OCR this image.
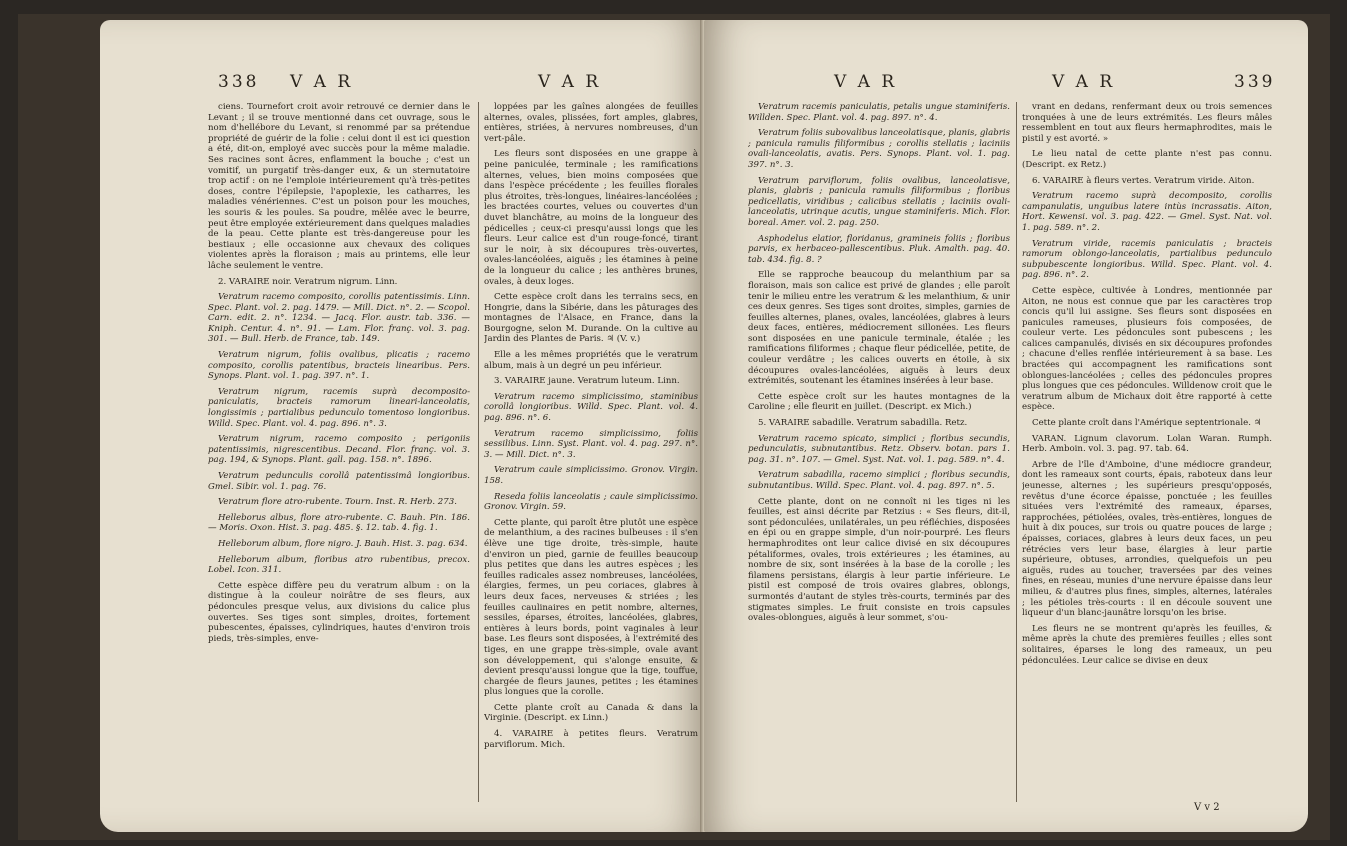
338 V A R	V A R

ciens. Tournefort croit avoir retrouvé ce dernier dans le Levant ; il se trouve mentionné dans cet ouvrage, sous le nom d'hellébore du Levant, si renommé par sa prétendue propriété de guérir de la folie : celui dont il est ici question a été, dit-on, employé avec succès pour la même maladie. Ses racines sont âcres, enflamment la bouche ; c'est un vomitif, un purgatif très-danger eux, & un sternutatoire trop actif : on ne l'emploie intérieurement qu'à très-petites doses, contre l'épilepsie, l'apoplexie, les catharres, les maladies vénériennes. C'est un poison pour les mouches, les souris & les poules. Sa poudre, mêlée avec le beurre, peut être employée extérieurement dans quelques maladies de la peau. Cette plante est très-dangereuse pour les bestiaux ; elle occasionne aux chevaux des coliques violentes après la floraison ; mais au printems, elle leur lâche seulement le ventre.

2. VARAIRE noir. Veratrum nigrum. Linn.

Veratrum racemo composito, corollis patentissimis. Linn. Spec. Plant. vol. 2. pag. 1479. — Mill. Dict. n°. 2. — Scopol. Carn. edit. 2. n°. 1234. — Jacq. Flor. austr. tab. 336. — Kniph. Centur. 4. n°. 91. — Lam. Flor. franç. vol. 3. pag. 301. — Bull. Herb. de France, tab. 149.

Veratrum nigrum, foliis ovalibus, plicatis ; racemo composito, corollis patentibus, bracteis linearibus. Pers. Synops. Plant. vol. 1. pag. 397. n°. 1.

Veratrum nigrum, racemis suprà decomposito-paniculatis, bracteis ramorum lineari-lanceolatis, longissimis ; partialibus pedunculo tomentoso longioribus. Willd. Spec. Plant. vol. 4. pag. 896. n°. 3.

Veratrum nigrum, racemo composito ; perigoniis patentissimis, nigrescentibus. Decand. Flor. franç. vol. 3. pag. 194, & Synops. Plant. gall. pag. 158. n°. 1896.

Veratrum pedunculis corollâ patentissimâ longioribus. Gmel. Sibir. vol. 1. pag. 76.

Veratrum flore atro-rubente. Tourn. Inst. R. Herb. 273.

Helleborus albus, flore atro-rubente. C. Bauh. Pin. 186. — Moris. Oxon. Hist. 3. pag. 485. §. 12. tab. 4. fig. 1.

Helleborum album, flore nigro. J. Bauh. Hist. 3. pag. 634.

Helleborum album, floribus atro rubentibus, precox. Lobel. Icon. 311.

Cette espèce diffère peu du veratrum album : on la distingue à la couleur noirâtre de ses fleurs, aux pédoncules presque velus, aux divisions du calice plus ouvertes. Ses tiges sont simples, droites, fortement pubescentes, épaisses, cylindriques, hautes d'environ trois pieds, très-simples, enve-

loppées par les gaînes alongées de feuilles alternes, ovales, plissées, fort amples, glabres, entières, striées, à nervures nombreuses, d'un vert-pâle.

Les fleurs sont disposées en une grappe à peine paniculée, terminale ; les ramifications alternes, velues, bien moins composées que dans l'espèce précédente ; les feuilles florales plus étroites, très-longues, linéaires-lancéolées ; les bractées courtes, velues ou couvertes d'un duvet blanchâtre, au moins de la longueur des pédicelles ; ceux-ci presqu'aussi longs que les fleurs. Leur calice est d'un rouge-foncé, tirant sur le noir, à six découpures très-ouvertes, ovales-lancéolées, aiguës ; les étamines à peine de la longueur du calice ; les anthères brunes, ovales, à deux loges.

Cette espèce croît dans les terrains secs, en Hongrie, dans la Sibérie, dans les pâturages des montagnes de l'Alsace, en France, dans la Bourgogne, selon M. Durande. On la cultive au Jardin des Plantes de Paris. ♃ (V. v.)

Elle a les mêmes propriétés que le veratrum album, mais à un degré un peu inférieur.

3. VARAIRE jaune. Veratrum luteum. Linn.

Veratrum racemo simplicissimo, staminibus corollâ longioribus. Willd. Spec. Plant. vol. 4. pag. 896. n°. 6.

Veratrum racemo simplicissimo, foliis sessilibus. Linn. Syst. Plant. vol. 4. pag. 297. n°. 3. — Mill. Dict. n°. 3.

Veratrum caule simplicissimo. Gronov. Virgin. 158.

Reseda foliis lanceolatis ; caule simplicissimo. Gronov. Virgin. 59.

Cette plante, qui paroît être plutôt une espèce de melanthium, a des racines bulbeuses : il s'en élève une tige droite, très-simple, haute d'environ un pied, garnie de feuilles beaucoup plus petites que dans les autres espèces ; les feuilles radicales assez nombreuses, lancéolées, élargies, fermes, un peu coriaces, glabres à leurs deux faces, nerveuses & striées ; les feuilles caulinaires en petit nombre, alternes, sessiles, éparses, étroites, lancéolées, glabres, entières à leurs bords, point vaginales à leur base. Les fleurs sont disposées, à l'extrémité des tiges, en une grappe très-simple, ovale avant son développement, qui s'alonge ensuite, & devient presqu'aussi longue que la tige, touffue, chargée de fleurs jaunes, petites ; les étamines plus longues que la corolle.

Cette plante croît au Canada & dans la Virginie. (Descript. ex Linn.)

4. VARAIRE à petites fleurs. Veratrum parviflorum. Mich.

V A R	V A R	339

Veratrum racemis paniculatis, petalis ungue staminiferis. Willden. Spec. Plant. vol. 4. pag. 897. n°. 4.

Veratrum foliis subovalibus lanceolatisque, planis, glabris ; panicula ramulis filiformibus ; corollis stellatis ; laciniis ovali-lanceolatis, avatis. Pers. Synops. Plant. vol. 1. pag. 397. n°. 3.

Veratrum parviflorum, foliis ovalibus, lanceolatisve, planis, glabris ; panicula ramulis filiformibus ; floribus pedicellatis, viridibus ; calicibus stellatis ; laciniis ovali-lanceolatis, utrinque acutis, ungue staminiferis. Mich. Flor. boreal. Amer. vol. 2. pag. 250.

Asphodelus elatior, floridanus, gramineis foliis ; floribus parvis, ex herbaceo-pallescentibus. Pluk. Amalth. pag. 40. tab. 434. fig. 8. ?

Elle se rapproche beaucoup du melanthium par sa floraison, mais son calice est privé de glandes ; elle paroît tenir le milieu entre les veratrum & les melanthium, & unir ces deux genres. Ses tiges sont droites, simples, garnies de feuilles alternes, planes, ovales, lancéolées, glabres à leurs deux faces, entières, médiocrement sillonées. Les fleurs sont disposées en une panicule terminale, étalée ; les ramifications filiformes ; chaque fleur pédicellée, petite, de couleur verdâtre ; les calices ouverts en étoile, à six découpures ovales-lancéolées, aiguës à leurs deux extrémités, soutenant les étamines insérées à leur base.

Cette espèce croît sur les hautes montagnes de la Caroline ; elle fleurit en juillet. (Descript. ex Mich.)

5. VARAIRE sabadille. Veratrum sabadilla. Retz.

Veratrum racemo spicato, simplici ; floribus secundis, pedunculatis, subnutantibus. Retz. Observ. botan. pars 1. pag. 31. n°. 107. — Gmel. Syst. Nat. vol. 1. pag. 589. n°. 4.

Veratrum sabadilla, racemo simplici ; floribus secundis, subnutantibus. Willd. Spec. Plant. vol. 4. pag. 897. n°. 5.

Cette plante, dont on ne connoît ni les tiges ni les feuilles, est ainsi décrite par Retzius : « Ses fleurs, dit-il, sont pédonculées, unilatérales, un peu réfléchies, disposées en épi ou en grappe simple, d'un noir-pourpré. Les fleurs hermaphrodites ont leur calice divisé en six découpures pétaliformes, ovales, trois extérieures ; les étamines, au nombre de six, sont insérées à la base de la corolle ; les filamens persistans, élargis à leur partie inférieure. Le pistil est composé de trois ovaires glabres, oblongs, surmontés d'autant de styles très-courts, terminés par des stigmates simples. Le fruit consiste en trois capsules ovales-oblongues, aiguës à leur sommet, s'ou-

vrant en dedans, renfermant deux ou trois semences tronquées à une de leurs extrémités. Les fleurs mâles ressemblent en tout aux fleurs hermaphrodites, mais le pistil y est avorté. »

Le lieu natal de cette plante n'est pas connu. (Descript. ex Retz.)

6. VARAIRE à fleurs vertes. Veratrum viride. Aiton.

Veratrum racemo suprà decomposito, corollis campanulatis, unguibus latere intùs incrassatis. Aiton, Hort. Kewensi. vol. 3. pag. 422. — Gmel. Syst. Nat. vol. 1. pag. 589. n°. 2.

Veratrum viride, racemis paniculatis ; bracteis ramorum oblongo-lanceolatis, partialibus pedunculo subpubescente longioribus. Willd. Spec. Plant. vol. 4. pag. 896. n°. 2.

Cette espèce, cultivée à Londres, mentionnée par Aiton, ne nous est connue que par les caractères trop concis qu'il lui assigne. Ses fleurs sont disposées en panicules rameuses, plusieurs fois composées, de couleur verte. Les pédoncules sont pubescens ; les calices campanulés, divisés en six découpures profondes ; chacune d'elles renflée intérieurement à sa base. Les bractées qui accompagnent les ramifications sont oblongues-lancéolées ; celles des pédoncules propres plus longues que ces pédoncules. Willdenow croit que le veratrum album de Michaux doit être rapporté à cette espèce.

Cette plante croît dans l'Amérique septentrionale. ♃

VARAN. Lignum clavorum. Lolan Waran. Rumph. Herb. Amboin. vol. 3. pag. 97. tab. 64.

Arbre de l'île d'Amboine, d'une médiocre grandeur, dont les rameaux sont courts, épais, raboteux dans leur jeunesse, alternes ; les supérieurs presqu'opposés, revêtus d'une écorce épaisse, ponctuée ; les feuilles situées vers l'extrémité des rameaux, éparses, rapprochées, pétiolées, ovales, très-entières, longues de huit à dix pouces, sur trois ou quatre pouces de large ; épaisses, coriaces, glabres à leurs deux faces, un peu rétrécies vers leur base, élargies à leur partie supérieure, obtuses, arrondies, quelquefois un peu aiguës, rudes au toucher, traversées par des veines fines, en réseau, munies d'une nervure épaisse dans leur milieu, & d'autres plus fines, simples, alternes, latérales ; les pétioles très-courts : il en découle souvent une liqueur d'un blanc-jaunâtre lorsqu'on les brise.

Les fleurs ne se montrent qu'après les feuilles, & même après la chute des premières feuilles ; elles sont solitaires, éparses le long des rameaux, un peu pédonculées. Leur calice se divise en deux

V v 2
